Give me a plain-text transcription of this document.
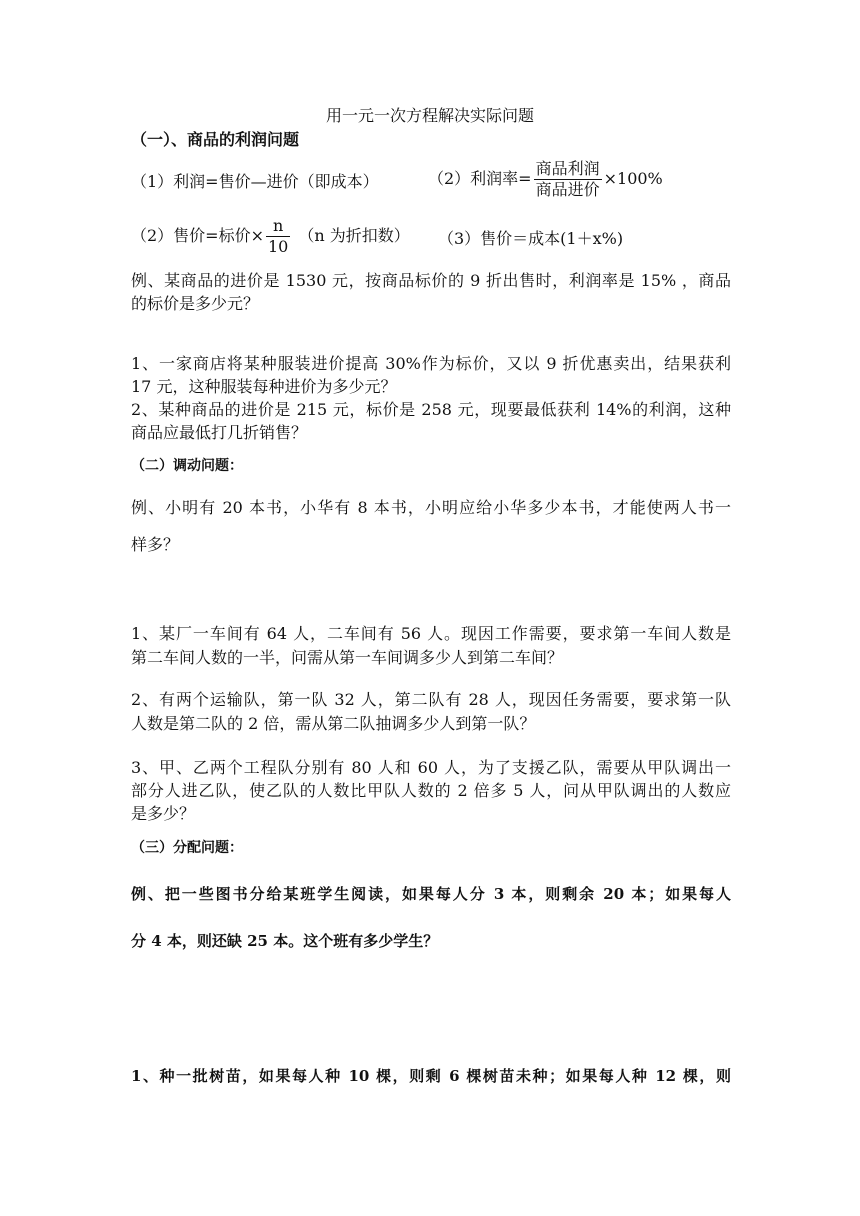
用一元一次方程解决实际问题
（一）、商品的利润问题
（1）利润=售价—进价（即成本）	（2）利润率= $\frac{\text{商品利润}}{\text{商品进价}} \times 100\%$
（2）售价=标价× $\frac{n}{10} (n$ 为折扣数） （3）售价＝成本(1＋x%)
例、某商品的进价是 1530 元，按商品标价的 9 折出售时，利润率是 15% ，商品
的标价是多少元？
1、一家商店将某种服装进价提高 30%作为标价，又以 9 折优惠卖出，结果获利
17 元，这种服装每种进价为多少元？
2、某种商品的进价是 215 元，标价是 258 元，现要最低获利 14%的利润，这种
商品应最低打几折销售？
（二）调动问题：
例、小明有 20 本书，小华有 8 本书，小明应给小华多少本书，才能使两人书一
样多？
1、某厂一车间有 64 人，二车间有 56 人。现因工作需要，要求第一车间人数是
第二车间人数的一半，问需从第一车间调多少人到第二车间？
2、有两个运输队，第一队 32 人，第二队有 28 人，现因任务需要，要求第一队
人数是第二队的 2 倍，需从第二队抽调多少人到第一队？
3、甲、乙两个工程队分别有 80 人和 60 人，为了支援乙队，需要从甲队调出一
部分人进乙队，使乙队的人数比甲队人数的 2 倍多 5 人，问从甲队调出的人数应
是多少？
（三）分配问题：
例、把一些图书分给某班学生阅读，如果每人分 3 本，则剩余 20 本；如果每人
分 4 本，则还缺 25 本。这个班有多少学生？
1、种一批树苗，如果每人种 10 棵，则剩 6 棵树苗未种；如果每人种 12 棵，则
